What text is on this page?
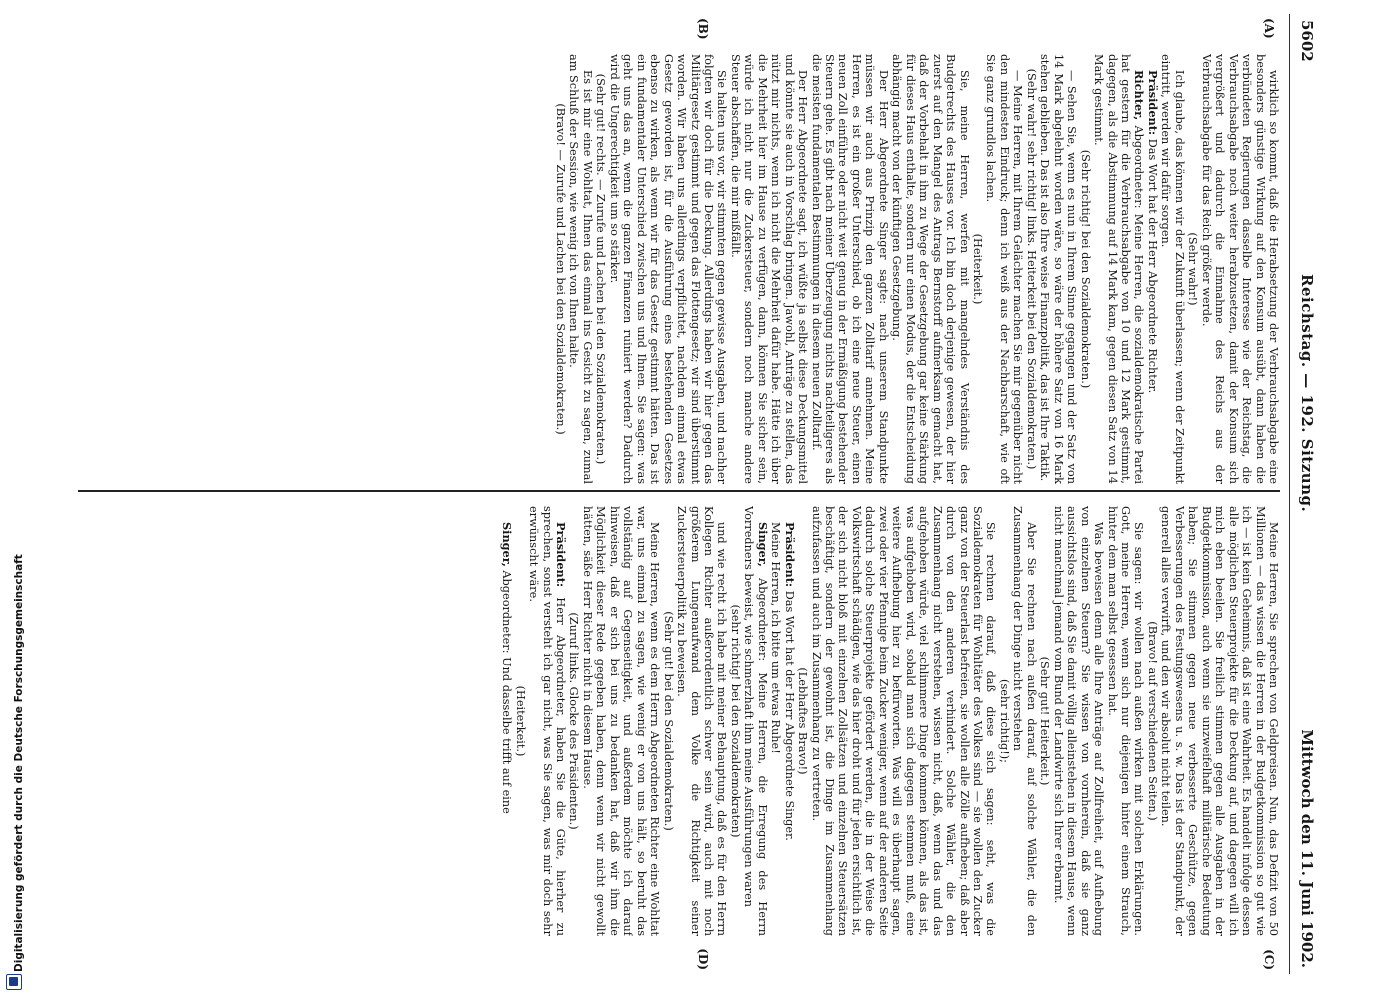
Digitalisierung gefördert durch die Deutsche Forschungsgemeinschaft
5602
Reichstag. — 192. Sitzung.
Mittwoch den 11. Juni 1902.
(A)
(B)
(C)
(D)

wirklich so kommt, daß die Herabsetzung der Verbrauchsabgabe eine besonders günstige Wirkung auf den Konsum ausübt, dann haben die verbündeten Regierungen dasselbe Interesse wie der Reichstag, die Verbrauchsabgabe noch weiter herabzusetzen, damit der Konsum sich vergrößert und dadurch die Einnahme des Reichs aus der Verbrauchsabgabe für das Reich größer werde.

(Sehr wahr!)

Ich glaube, das können wir der Zukunft überlassen; wenn der Zeitpunkt eintritt, werden wir dafür sorgen.

Präsident: Das Wort hat der Herr Abgeordnete Richter.

Richter, Abgeordneter: Meine Herren, die sozialdemokratische Partei hat gestern für die Verbrauchsabgabe von 10 und 12 Mark gestimmt, dagegen, als die Abstimmung auf 14 Mark kam, gegen diesen Satz von 14 Mark gestimmt.

(Sehr richtig! bei den Sozialdemokraten.)

— Sehen Sie, wenn es nun in Ihrem Sinne gegangen und der Satz von 14 Mark abgelehnt worden wäre, so wäre der höhere Satz von 16 Mark stehen geblieben. Das ist also Ihre weise Finanzpolitik, das ist Ihre Taktik.

(Sehr wahr! sehr richtig! links. Heiterkeit bei den Sozialdemokraten.)

— Meine Herren, mit Ihrem Gelächter machen Sie mir gegenüber nicht den mindesten Eindruck; denn ich weiß aus der Nachbarschaft, wie oft Sie ganz grundlos lachen.

(Heiterkeit.)

Sie, meine Herren, werfen mit mangelndes Verständnis des Budgetrechts des Hauses vor. Ich bin doch derjenige gewesen, der hier zuerst auf den Mangel des Antrags Bernstorff aufmerksam gemacht hat, daß der Vorbehalt in ihm zu Wege der Gesetzgebung gar keine Stärkung für dieses Haus enthalte, sondern nur einen Modus, der die Entscheidung abhängig macht von der künftigen Gesetzgebung.

Der Herr Abgeordnete Singer sagte: nach unserem Standpunkte müssen wir auch aus Prinzip den ganzen Zolltarif annehmen. Meine Herren, es ist ein großer Unterschied, ob ich eine neue Steuer, einen neuen Zoll einführe oder nicht weit genug in der Ermäßigung bestehender Steuern gehe. Es gibt nach meiner Überzeugung nichts nachteiligeres als die meisten fundamentalen Bestimmungen in diesem neuen Zolltarif.

Der Herr Abgeordnete sagt, ich wüßte ja selbst diese Deckungsmittel und könnte sie auch in Vorschlag bringen. Jawohl, Anträge zu stellen, das nützt mir nichts, wenn ich nicht die Mehrheit dafür habe. Hätte ich über die Mehrheit hier im Hause zu verfügen, dann, können Sie sicher sein, würde ich nicht nur die Zuckersteuer, sondern noch manche andere Steuer abschaffen, die mir mißfällt.

Sie halten uns vor, wir stimmten gegen gewisse Ausgaben, und nachher folgten wir doch für die Deckung. Allerdings haben wir hier gegen das Militärgesetz gestimmt und gegen das Flottengesetz; wir sind überstimmt worden. Wir haben uns allerdings verpflichtet, nachdem einmal etwas Gesetz geworden ist, für die Ausführung eines bestehenden Gesetzes ebenso zu wirken, als wenn wir für das Gesetz gestimmt hätten. Das ist ein fundamentaler Unterschied zwischen uns und Ihnen. Sie sagen: was geht uns das an, wenn die ganzen Finanzen ruiniert werden? Dadurch wird die Ungerechtigkeit um so stärker.

(Sehr gut! rechts. — Zurufe und Lachen bei den Sozialdemokraten.)

Es ist mir eine Wohltat, Ihnen das einmal ins Gesicht zu sagen, zumal am Schluß der Session, wie wenig ich von Ihnen halte.

(Bravo! — Zurufe und Lachen bei den Sozialdemokraten.)

Meine Herren, Sie sprechen von Geldpreisen. Nun, das Defizit von 50 Millionen — das wissen die Herren in der Budgetkommission so gut wie ich — ist kein Geheimnis, daß ist eine Wahrheit. Es handelt infolge dessen alle möglichen Steuerprojekte für die Deckung auf, und dagegen will ich mich eben beeilen. Sie freilich stimmen gegen alle Ausgaben in der Budgetkommission, auch wenn sie unzweifelhaft militärische Bedeutung haben; Sie stimmen gegen neue verbesserte Geschütze, gegen Verbesserungen des Festungswesens u. s. w. Das ist der Standpunkt, der generell alles verwirft, und den wir absolut nicht teilen.

(Bravo! auf verschiedenen Seiten.)

Sie sagen: wir wollen nach außen wirken mit solchen Erklärungen. Gott, meine Herren, wenn sich nur diejenigen hinter einem Strauch, hinter dem man selbst gesessen hat.

Was beweisen denn alle Ihre Anträge auf Zollfreiheit, auf Aufhebung von einzelnen Steuern? Sie wissen von vornherein, daß sie ganz aussichtslos sind, daß Sie damit völlig alleinstehen in diesem Hause, wenn nicht manchmal jemand vom Bund der Landwirte sich Ihrer erbarmt.

(Sehr gut! Heiterkeit.)

Aber Sie rechnen nach außen darauf, auf solche Wähler, die den Zusammenhang der Dinge nicht verstehen

(sehr richtig!);

Sie rechnen darauf, daß diese sich sagen: seht, was die Sozialdemokraten für Wohltäter des Volkes sind — sie wollen den Zucker ganz von der Steuerlast befreien, sie wollen alle Zölle aufheben; daß aber durch von den anderen verhindert. Solche Wähler, die den Zusammenhang nicht verstehen, wissen nicht, daß, wenn das und das aufgehoben würde, viel schlimmere Dinge kommen können, als das ist, was aufgehoben wird, sobald man sich dagegen stemmen muß, eine weitere Aufhebung hier zu befürworten. Was will es überhaupt sagen, zwei oder vier Pfennige beim Zucker weniger, wenn auf der anderen Seite dadurch solche Steuerprojekte gefördert werden, die in der Weise die Volkswirtschaft schädigen, wie das hier droht und für jeden ersichtlich ist, der sich nicht bloß mit einzelnen Zollsätzen und einzelnen Steuersätzen beschäftigt, sondern der gewohnt ist, die Dinge im Zusammenhang aufzufassen und auch im Zusammenhang zu vertreten.

(Lebhaftes Bravo!)

Präsident: Das Wort hat der Herr Abgeordnete Singer.

Meine Herren, ich bitte um etwas Ruhe!

Singer, Abgeordneter: Meine Herren, die Erregung des Herrn Vorredners beweist, wie schmerzhaft ihm meine Ausführungen waren

(sehr richtig! bei den Sozialdemokraten)

und wie recht ich habe mit meiner Behauptung, daß es für den Herrn Kollegen Richter außerordentlich schwer sein wird, auch mit noch größerem Lungenaufwand dem Volke die Richtigkeit seiner Zuckersteuerpolitik zu beweisen.

(Sehr gut! bei den Sozialdemokraten.)

Meine Herren, wenn es dem Herrn Abgeordneten Richter eine Wohltat war, uns einmal zu sagen, wie wenig er von uns hält, so beruht das vollständig auf Gegenseitigkeit, und außerdem möchte ich darauf hinweisen, daß er sich bei uns zu bedanken hat, daß wir ihm die Möglichkeit dieser Rede gegeben haben, denn wenn wir nicht gewollt hätten, säße Herr Richter nicht in diesem Hause.

(Zuruf links. Glocke des Präsidenten.)

Präsident: Herr Abgeordneter, haben Sie die Güte, hierher zu sprechen, sonst versteht ich gar nicht, was Sie sagen, was mir doch sehr erwünscht wäre.

(Heiterkeit.)

Singer, Abgeordneter: Und dasselbe trifft auf eine
